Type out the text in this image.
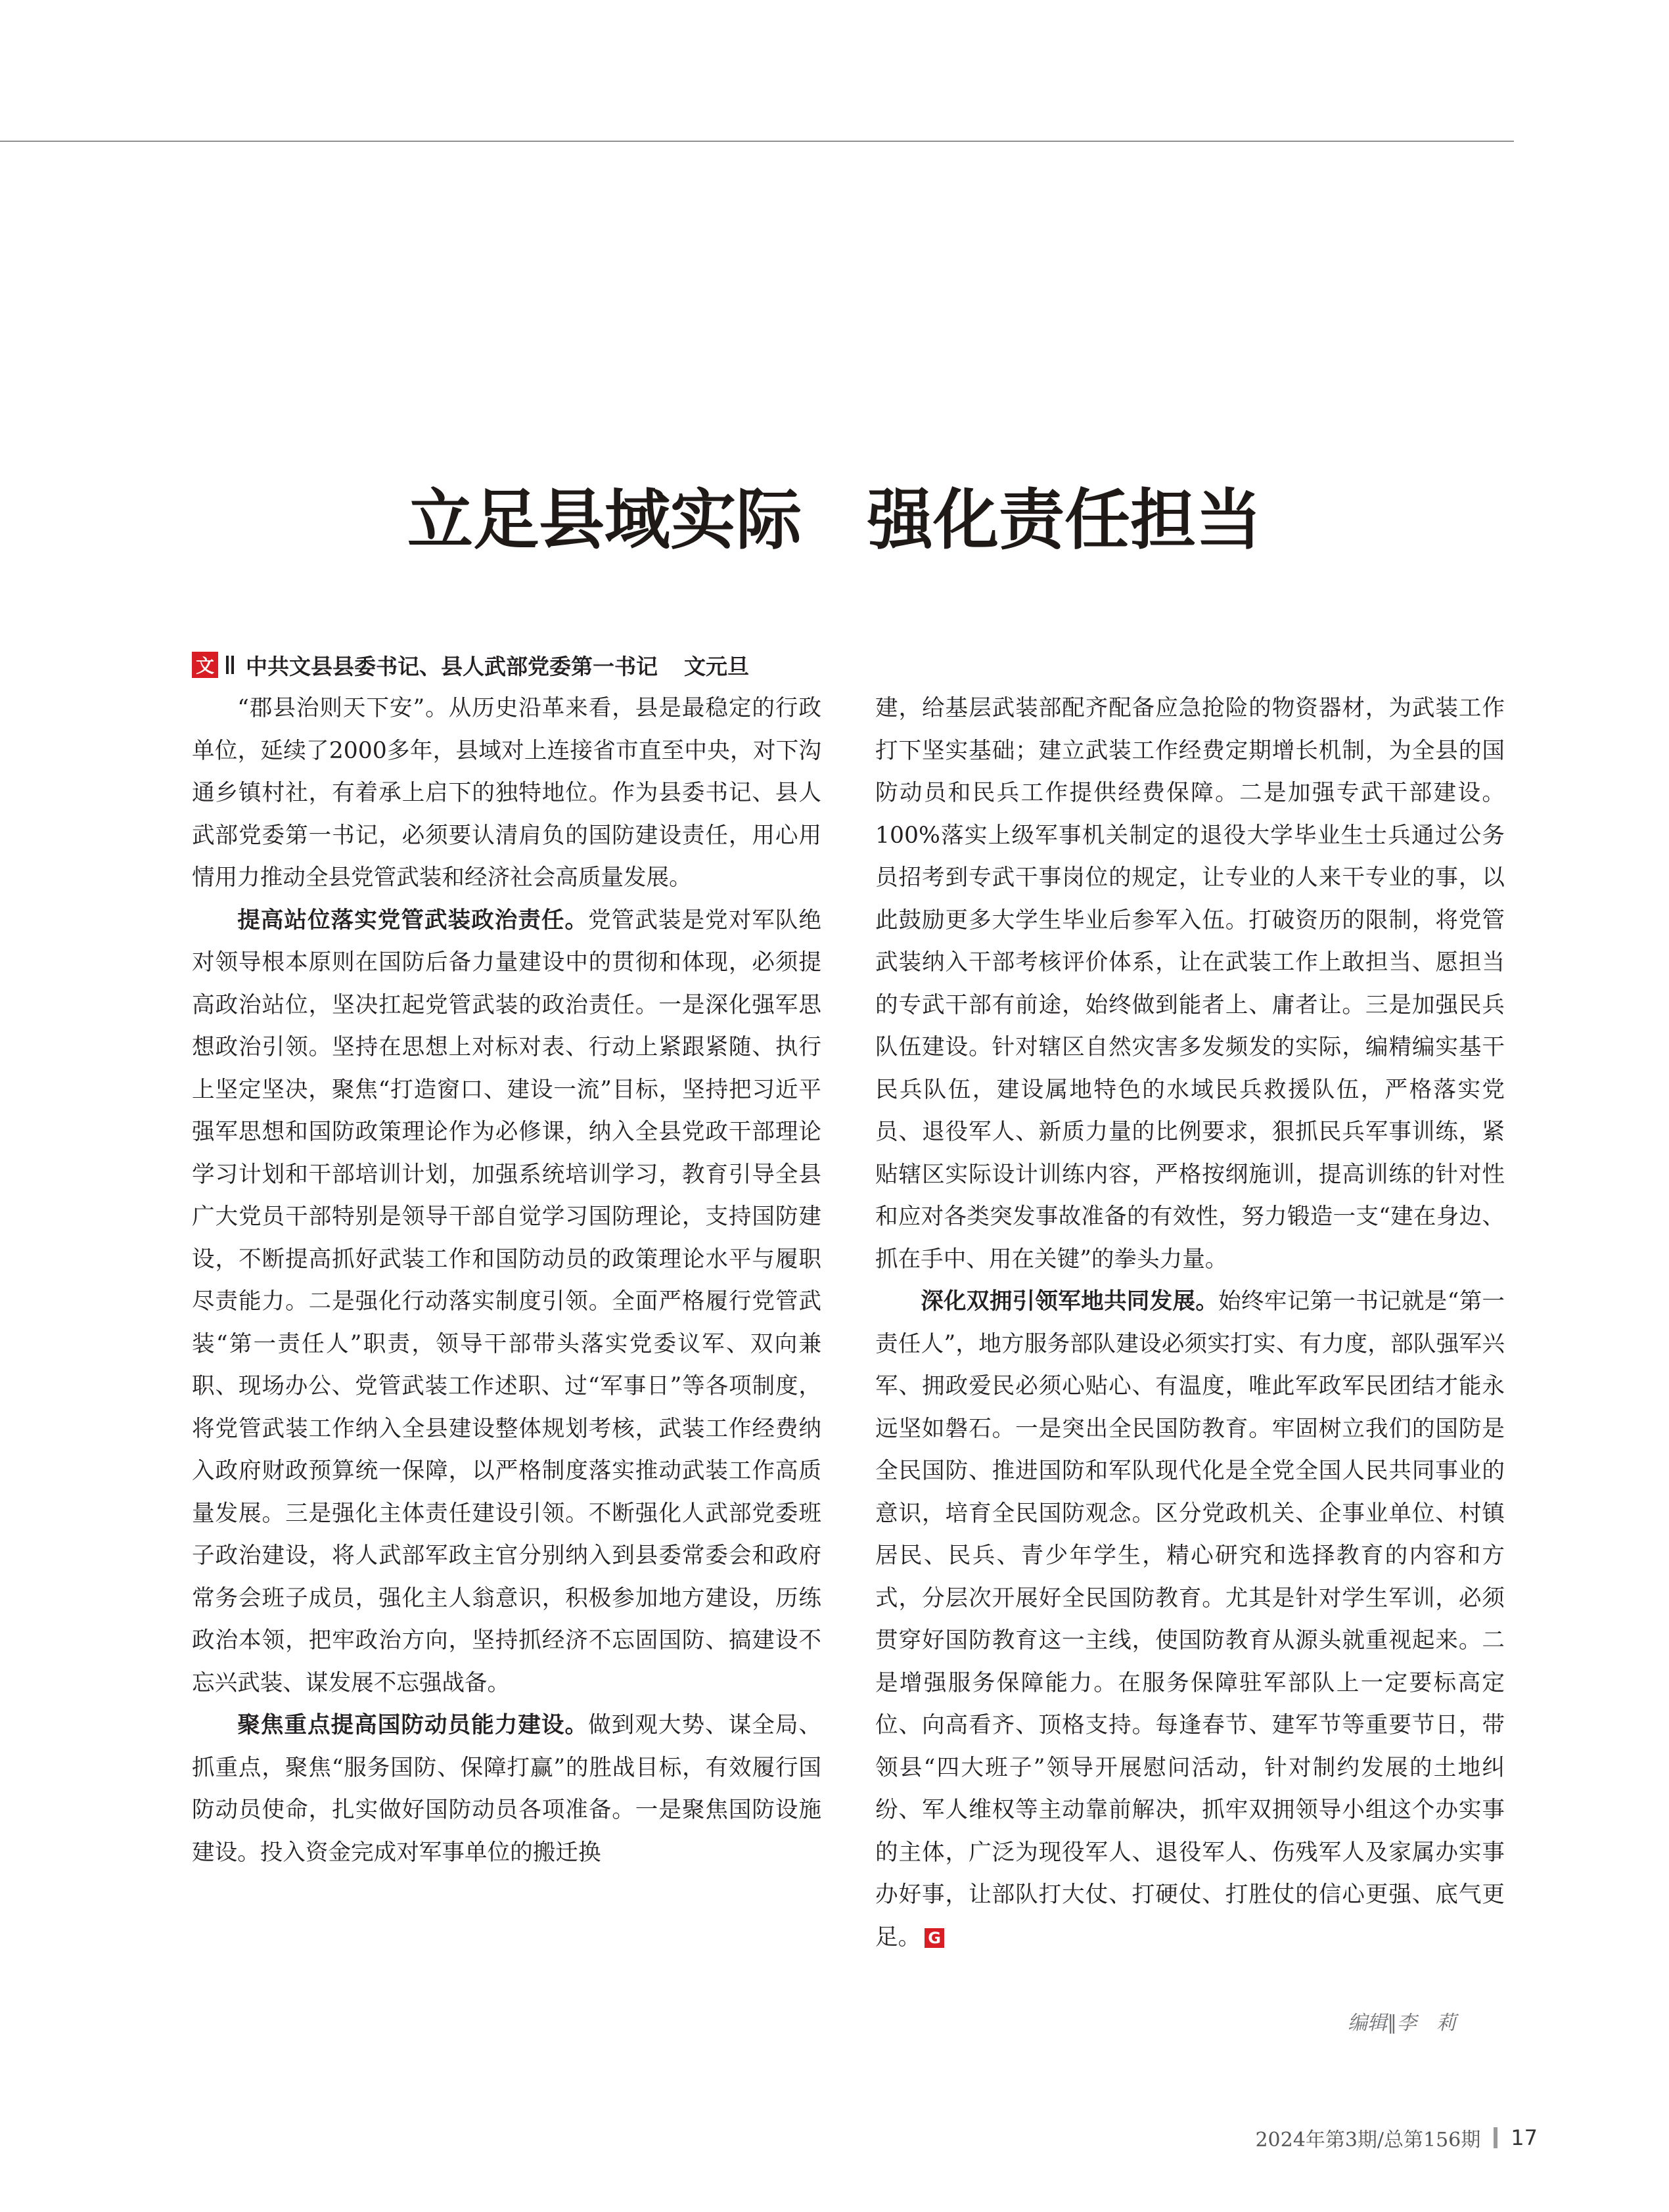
立足县域实际　强化责任担当
文 中共文县县委书记、县人武部党委第一书记 文元旦

“郡县治则天下安”。从历史沿革来看，县是最稳定的行政单位，延续了2000多年，县域对上连接省市直至中央，对下沟通乡镇村社，有着承上启下的独特地位。作为县委书记、县人武部党委第一书记，必须要认清肩负的国防建设责任，用心用情用力推动全县党管武装和经济社会高质量发展。

提高站位落实党管武装政治责任。党管武装是党对军队绝对领导根本原则在国防后备力量建设中的贯彻和体现，必须提高政治站位，坚决扛起党管武装的政治责任。一是深化强军思想政治引领。坚持在思想上对标对表、行动上紧跟紧随、执行上坚定坚决，聚焦“打造窗口、建设一流”目标，坚持把习近平强军思想和国防政策理论作为必修课，纳入全县党政干部理论学习计划和干部培训计划，加强系统培训学习，教育引导全县广大党员干部特别是领导干部自觉学习国防理论，支持国防建设，不断提高抓好武装工作和国防动员的政策理论水平与履职尽责能力。二是强化行动落实制度引领。全面严格履行党管武装“第一责任人”职责，领导干部带头落实党委议军、双向兼职、现场办公、党管武装工作述职、过“军事日”等各项制度，将党管武装工作纳入全县建设整体规划考核，武装工作经费纳入政府财政预算统一保障，以严格制度落实推动武装工作高质量发展。三是强化主体责任建设引领。不断强化人武部党委班子政治建设，将人武部军政主官分别纳入到县委常委会和政府常务会班子成员，强化主人翁意识，积极参加地方建设，历练政治本领，把牢政治方向，坚持抓经济不忘固国防、搞建设不忘兴武装、谋发展不忘强战备。

聚焦重点提高国防动员能力建设。做到观大势、谋全局、抓重点，聚焦“服务国防、保障打赢”的胜战目标，有效履行国防动员使命，扎实做好国防动员各项准备。一是聚焦国防设施建设。投入资金完成对军事单位的搬迁换

建，给基层武装部配齐配备应急抢险的物资器材，为武装工作打下坚实基础；建立武装工作经费定期增长机制，为全县的国防动员和民兵工作提供经费保障。二是加强专武干部建设。100%落实上级军事机关制定的退役大学毕业生士兵通过公务员招考到专武干事岗位的规定，让专业的人来干专业的事，以此鼓励更多大学生毕业后参军入伍。打破资历的限制，将党管武装纳入干部考核评价体系，让在武装工作上敢担当、愿担当的专武干部有前途，始终做到能者上、庸者让。三是加强民兵队伍建设。针对辖区自然灾害多发频发的实际，编精编实基干民兵队伍，建设属地特色的水域民兵救援队伍，严格落实党员、退役军人、新质力量的比例要求，狠抓民兵军事训练，紧贴辖区实际设计训练内容，严格按纲施训，提高训练的针对性和应对各类突发事故准备的有效性，努力锻造一支“建在身边、抓在手中、用在关键”的拳头力量。

深化双拥引领军地共同发展。始终牢记第一书记就是“第一责任人”，地方服务部队建设必须实打实、有力度，部队强军兴军、拥政爱民必须心贴心、有温度，唯此军政军民团结才能永远坚如磐石。一是突出全民国防教育。牢固树立我们的国防是全民国防、推进国防和军队现代化是全党全国人民共同事业的意识，培育全民国防观念。区分党政机关、企事业单位、村镇居民、民兵、青少年学生，精心研究和选择教育的内容和方式，分层次开展好全民国防教育。尤其是针对学生军训，必须贯穿好国防教育这一主线，使国防教育从源头就重视起来。二是增强服务保障能力。在服务保障驻军部队上一定要标高定位、向高看齐、顶格支持。每逢春节、建军节等重要节日，带领县“四大班子”领导开展慰问活动，针对制约发展的土地纠纷、军人维权等主动靠前解决，抓牢双拥领导小组这个办实事的主体，广泛为现役军人、退役军人、伤残军人及家属办实事办好事，让部队打大仗、打硬仗、打胜仗的信心更强、底气更足。 G

编辑∥李　莉
2024年第3期/总第156期 17
